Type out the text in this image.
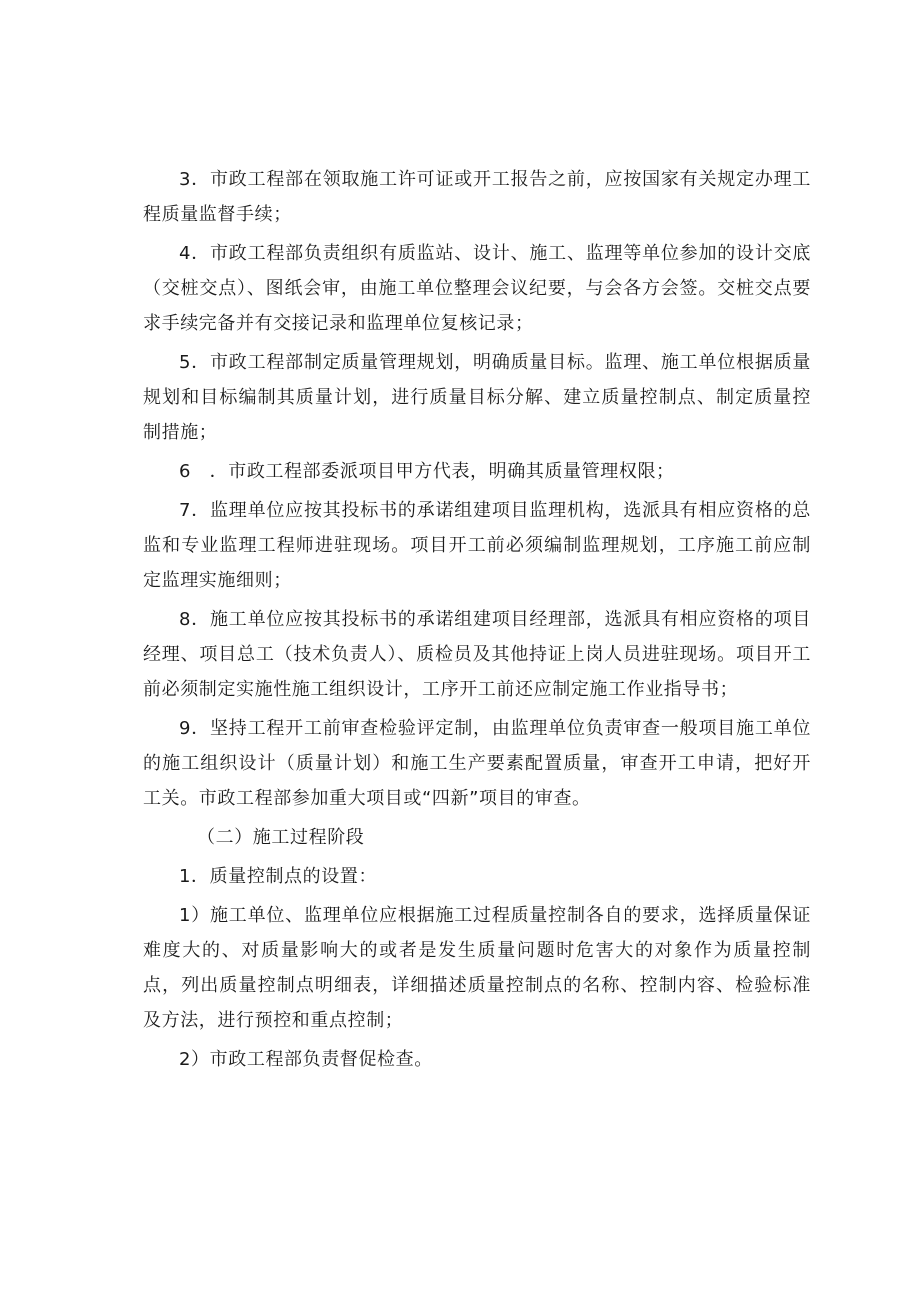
3．市政工程部在领取施工许可证或开工报告之前，应按国家有关规定办理工程质量监督手续；

4．市政工程部负责组织有质监站、设计、施工、监理等单位参加的设计交底（交桩交点）、图纸会审，由施工单位整理会议纪要，与会各方会签。交桩交点要求手续完备并有交接记录和监理单位复核记录；

5．市政工程部制定质量管理规划，明确质量目标。监理、施工单位根据质量规划和目标编制其质量计划，进行质量目标分解、建立质量控制点、制定质量控制措施；

6　．市政工程部委派项目甲方代表，明确其质量管理权限；

7．监理单位应按其投标书的承诺组建项目监理机构，选派具有相应资格的总监和专业监理工程师进驻现场。项目开工前必须编制监理规划，工序施工前应制定监理实施细则；

8．施工单位应按其投标书的承诺组建项目经理部，选派具有相应资格的项目经理、项目总工（技术负责人）、质检员及其他持证上岗人员进驻现场。项目开工前必须制定实施性施工组织设计，工序开工前还应制定施工作业指导书；

9．坚持工程开工前审查检验评定制，由监理单位负责审查一般项目施工单位的施工组织设计（质量计划）和施工生产要素配置质量，审查开工申请，把好开工关。市政工程部参加重大项目或“四新”项目的审查。

（二）施工过程阶段

1．质量控制点的设置：

1）施工单位、监理单位应根据施工过程质量控制各自的要求，选择质量保证难度大的、对质量影响大的或者是发生质量问题时危害大的对象作为质量控制点，列出质量控制点明细表，详细描述质量控制点的名称、控制内容、检验标准及方法，进行预控和重点控制；

2）市政工程部负责督促检查。
